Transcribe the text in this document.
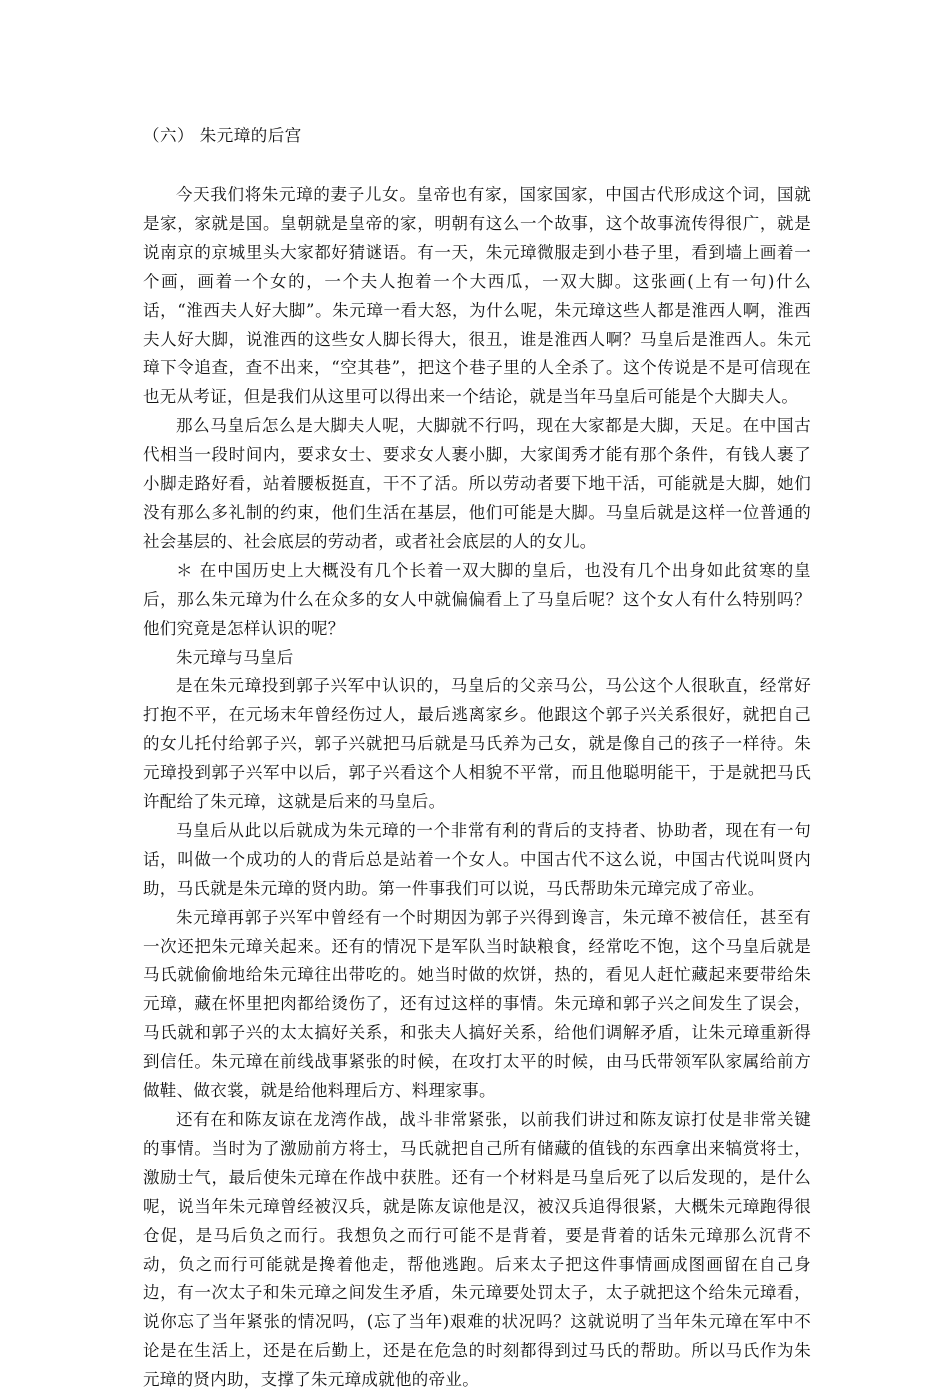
（六） 朱元璋的后宫

今天我们将朱元璋的妻子儿女。皇帝也有家，国家国家，中国古代形成这个词，国就是家，家就是国。皇朝就是皇帝的家，明朝有这么一个故事，这个故事流传得很广，就是说南京的京城里头大家都好猜谜语。有一天，朱元璋微服走到小巷子里，看到墙上画着一个画，画着一个女的，一个夫人抱着一个大西瓜，一双大脚。这张画(上有一句)什么话，“淮西夫人好大脚”。朱元璋一看大怒，为什么呢，朱元璋这些人都是淮西人啊，淮西夫人好大脚，说淮西的这些女人脚长得大，很丑，谁是淮西人啊？马皇后是淮西人。朱元璋下令追查，查不出来，“空其巷”，把这个巷子里的人全杀了。这个传说是不是可信现在也无从考证，但是我们从这里可以得出来一个结论，就是当年马皇后可能是个大脚夫人。

那么马皇后怎么是大脚夫人呢，大脚就不行吗，现在大家都是大脚，天足。在中国古代相当一段时间内，要求女士、要求女人裹小脚，大家闺秀才能有那个条件，有钱人裹了小脚走路好看，站着腰板挺直，干不了活。所以劳动者要下地干活，可能就是大脚，她们没有那么多礼制的约束，他们生活在基层，他们可能是大脚。马皇后就是这样一位普通的社会基层的、社会底层的劳动者，或者社会底层的人的女儿。

＊ 在中国历史上大概没有几个长着一双大脚的皇后，也没有几个出身如此贫寒的皇后，那么朱元璋为什么在众多的女人中就偏偏看上了马皇后呢？这个女人有什么特别吗？他们究竟是怎样认识的呢？

朱元璋与马皇后

是在朱元璋投到郭子兴军中认识的，马皇后的父亲马公，马公这个人很耿直，经常好打抱不平，在元场末年曾经伤过人，最后逃离家乡。他跟这个郭子兴关系很好，就把自己的女儿托付给郭子兴，郭子兴就把马后就是马氏养为己女，就是像自己的孩子一样待。朱元璋投到郭子兴军中以后，郭子兴看这个人相貌不平常，而且他聪明能干，于是就把马氏许配给了朱元璋，这就是后来的马皇后。

马皇后从此以后就成为朱元璋的一个非常有利的背后的支持者、协助者，现在有一句话，叫做一个成功的人的背后总是站着一个女人。中国古代不这么说，中国古代说叫贤内助，马氏就是朱元璋的贤内助。第一件事我们可以说，马氏帮助朱元璋完成了帝业。

朱元璋再郭子兴军中曾经有一个时期因为郭子兴得到谗言，朱元璋不被信任，甚至有一次还把朱元璋关起来。还有的情况下是军队当时缺粮食，经常吃不饱，这个马皇后就是马氏就偷偷地给朱元璋往出带吃的。她当时做的炊饼，热的，看见人赶忙藏起来要带给朱元璋，藏在怀里把肉都给烫伤了，还有过这样的事情。朱元璋和郭子兴之间发生了误会，马氏就和郭子兴的太太搞好关系，和张夫人搞好关系，给他们调解矛盾，让朱元璋重新得到信任。朱元璋在前线战事紧张的时候，在攻打太平的时候，由马氏带领军队家属给前方做鞋、做衣裳，就是给他料理后方、料理家事。

还有在和陈友谅在龙湾作战，战斗非常紧张，以前我们讲过和陈友谅打仗是非常关键的事情。当时为了激励前方将士，马氏就把自己所有储藏的值钱的东西拿出来犒赏将士，激励士气，最后使朱元璋在作战中获胜。还有一个材料是马皇后死了以后发现的，是什么呢，说当年朱元璋曾经被汉兵，就是陈友谅他是汉，被汉兵追得很紧，大概朱元璋跑得很仓促，是马后负之而行。我想负之而行可能不是背着，要是背着的话朱元璋那么沉背不动，负之而行可能就是搀着他走，帮他逃跑。后来太子把这件事情画成图画留在自己身边，有一次太子和朱元璋之间发生矛盾，朱元璋要处罚太子，太子就把这个给朱元璋看，说你忘了当年紧张的情况吗，(忘了当年)艰难的状况吗？这就说明了当年朱元璋在军中不论是在生活上，还是在后勤上，还是在危急的时刻都得到过马氏的帮助。所以马氏作为朱元璋的贤内助，支撑了朱元璋成就他的帝业。
